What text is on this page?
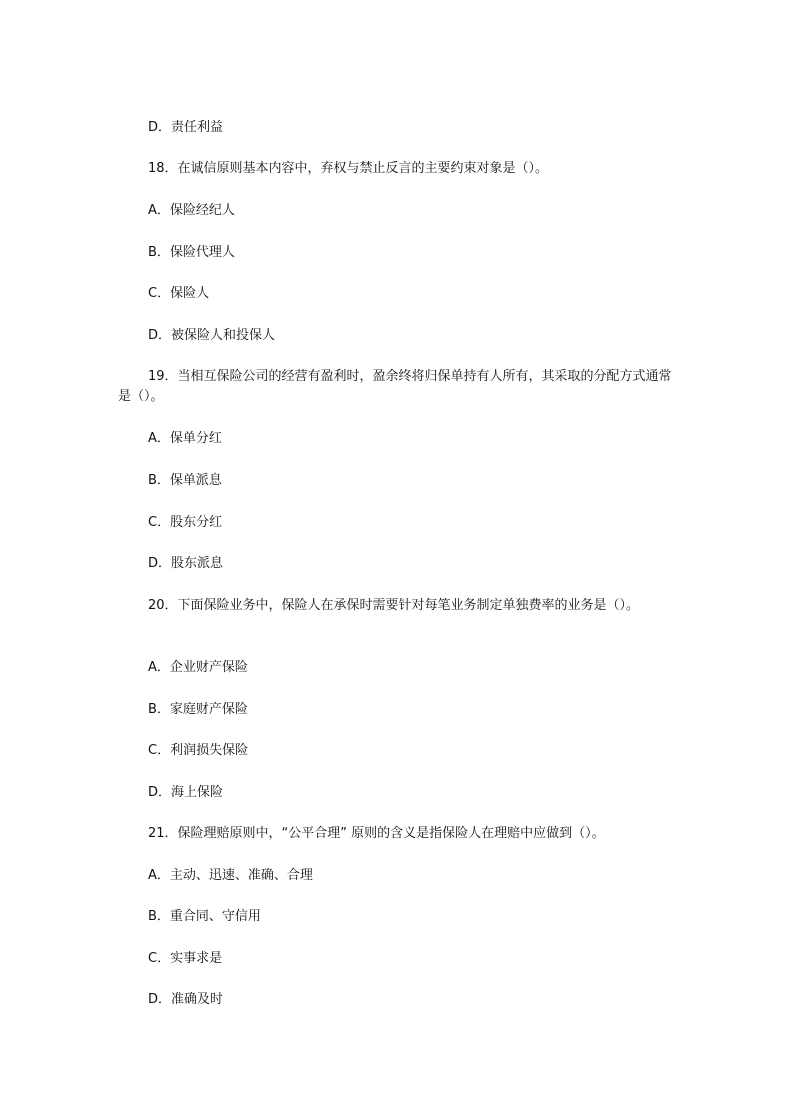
D．责任利益
18．在诚信原则基本内容中，弃权与禁止反言的主要约束对象是（）。
A．保险经纪人
B．保险代理人
C．保险人
D．被保险人和投保人
19．当相互保险公司的经营有盈利时，盈余终将归保单持有人所有，其采取的分配方式通常是（）。
A．保单分红
B．保单派息
C．股东分红
D．股东派息
20．下面保险业务中，保险人在承保时需要针对每笔业务制定单独费率的业务是（）。
A．企业财产保险
B．家庭财产保险
C．利润损失保险
D．海上保险
21．保险理赔原则中，“公平合理” 原则的含义是指保险人在理赔中应做到（）。
A．主动、迅速、准确、合理
B．重合同、守信用
C．实事求是
D．准确及时
